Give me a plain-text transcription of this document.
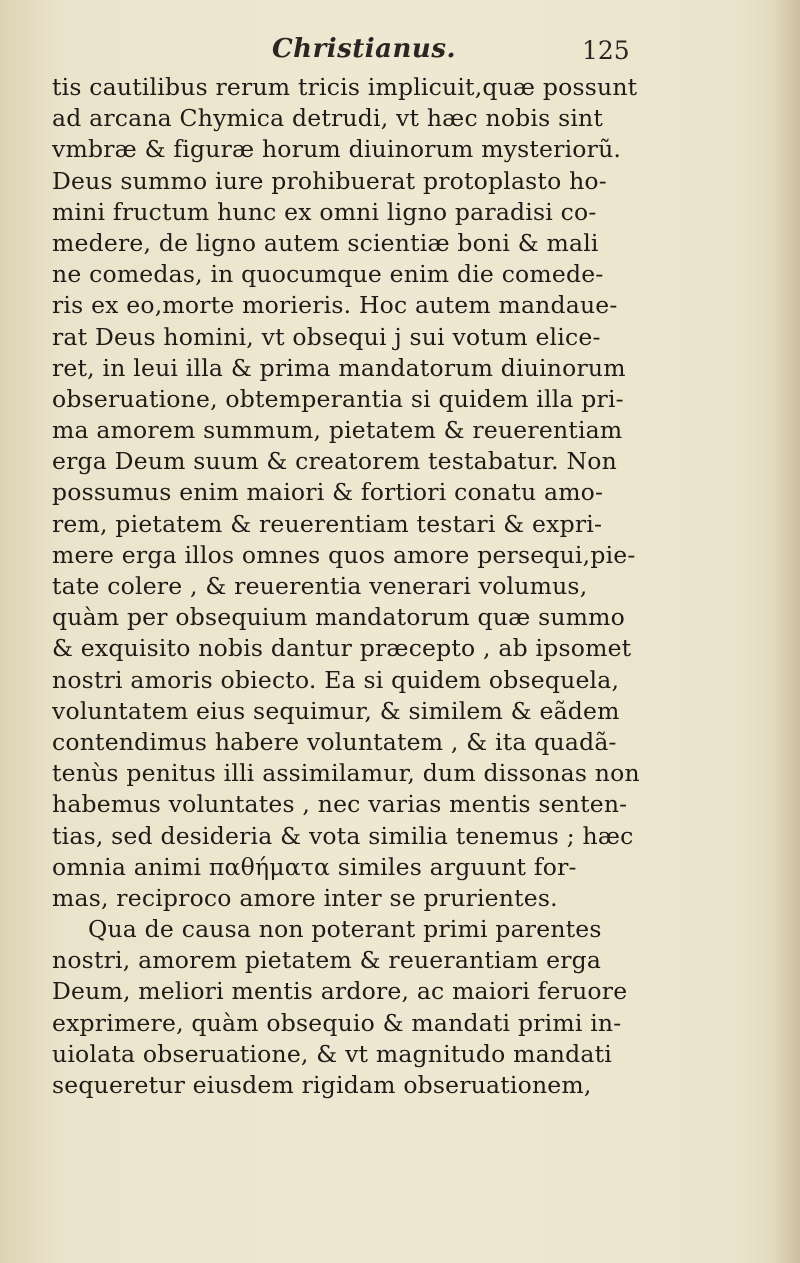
Christianus.	125
tis cautilibus rerum tricis implicuit,quæ possunt
ad arcana Chymica detrudi, vt hæc nobis sint
vmbræ & figuræ horum diuinorum mysteriorũ.
Deus summo iure prohibuerat protoplasto ho-
mini fructum hunc ex omni ligno paradisi co-
medere, de ligno autem scientiæ boni & mali
ne comedas, in quocumque enim die comede-
ris ex eo,morte morieris. Hoc autem mandaue-
rat Deus homini, vt obsequi j sui votum elice-
ret, in leui illa & prima mandatorum diuinorum
obseruatione, obtemperantia si quidem illa pri-
ma amorem summum, pietatem & reuerentiam
erga Deum suum & creatorem testabatur. Non
possumus enim maiori & fortiori conatu amo-
rem, pietatem & reuerentiam testari & expri-
mere erga illos omnes quos amore persequi,pie-
tate colere , & reuerentia venerari volumus,
quàm per obsequium mandatorum quæ summo
& exquisito nobis dantur præcepto , ab ipsomet
nostri amoris obiecto. Ea si quidem obsequela,
voluntatem eius sequimur, & similem & eãdem
contendimus habere voluntatem , & ita quadã-
tenùs penitus illi assimilamur, dum dissonas non
habemus voluntates , nec varias mentis senten-
tias, sed desideria & vota similia tenemus ; hæc
omnia animi παθήματα similes arguunt for-
mas, reciproco amore inter se prurientes.
Qua de causa non poterant primi parentes
nostri, amorem pietatem & reuerantiam erga
Deum, meliori mentis ardore, ac maiori feruore
exprimere, quàm obsequio & mandati primi in-
uiolata obseruatione, & vt magnitudo mandati
sequeretur eiusdem rigidam obseruationem,
